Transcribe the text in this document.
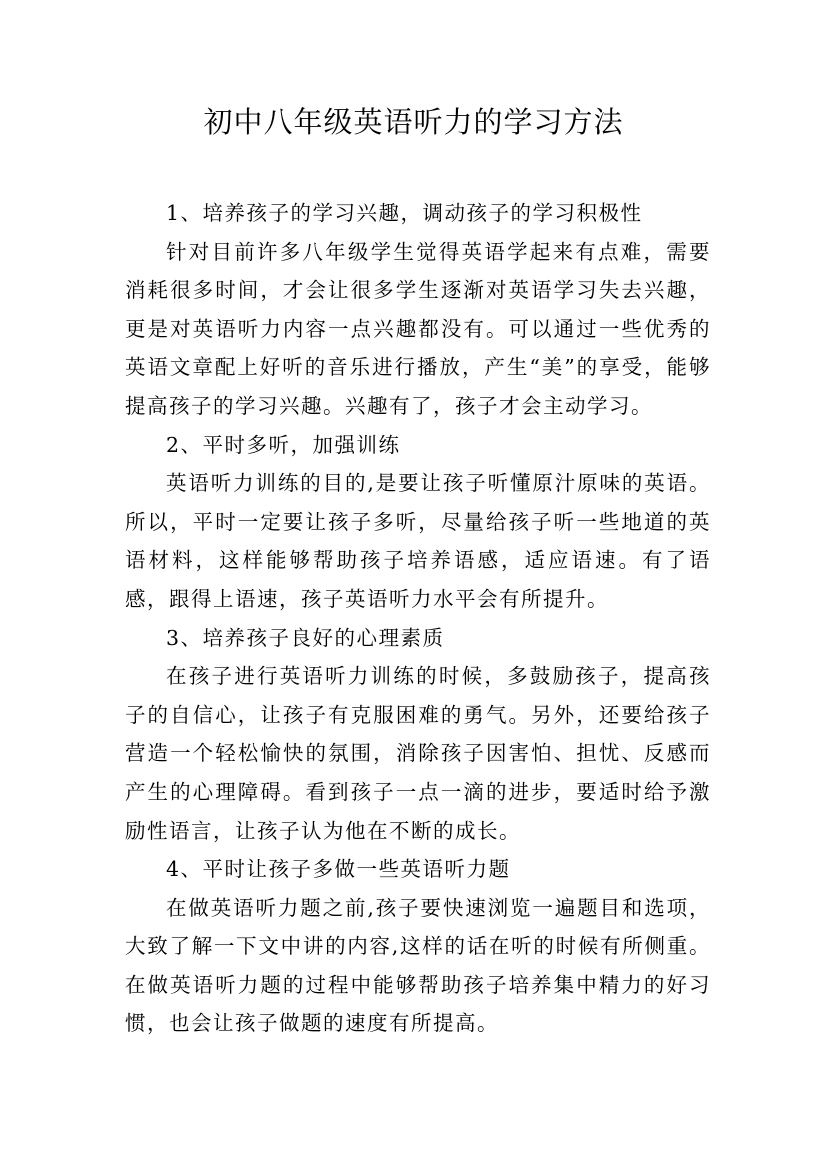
初中八年级英语听力的学习方法

1、培养孩子的学习兴趣，调动孩子的学习积极性

针对目前许多八年级学生觉得英语学起来有点难，需要消耗很多时间，才会让很多学生逐渐对英语学习失去兴趣，更是对英语听力内容一点兴趣都没有。可以通过一些优秀的英语文章配上好听的音乐进行播放，产生“美”的享受，能够提高孩子的学习兴趣。兴趣有了，孩子才会主动学习。

2、平时多听，加强训练

英语听力训练的目的,是要让孩子听懂原汁原味的英语。所以，平时一定要让孩子多听，尽量给孩子听一些地道的英语材料，这样能够帮助孩子培养语感，适应语速。有了语感，跟得上语速，孩子英语听力水平会有所提升。

3、培养孩子良好的心理素质

在孩子进行英语听力训练的时候，多鼓励孩子，提高孩子的自信心，让孩子有克服困难的勇气。另外，还要给孩子营造一个轻松愉快的氛围，消除孩子因害怕、担忧、反感而产生的心理障碍。看到孩子一点一滴的进步，要适时给予激励性语言，让孩子认为他在不断的成长。

4、平时让孩子多做一些英语听力题

在做英语听力题之前,孩子要快速浏览一遍题目和选项，大致了解一下文中讲的内容,这样的话在听的时候有所侧重。在做英语听力题的过程中能够帮助孩子培养集中精力的好习惯，也会让孩子做题的速度有所提高。
